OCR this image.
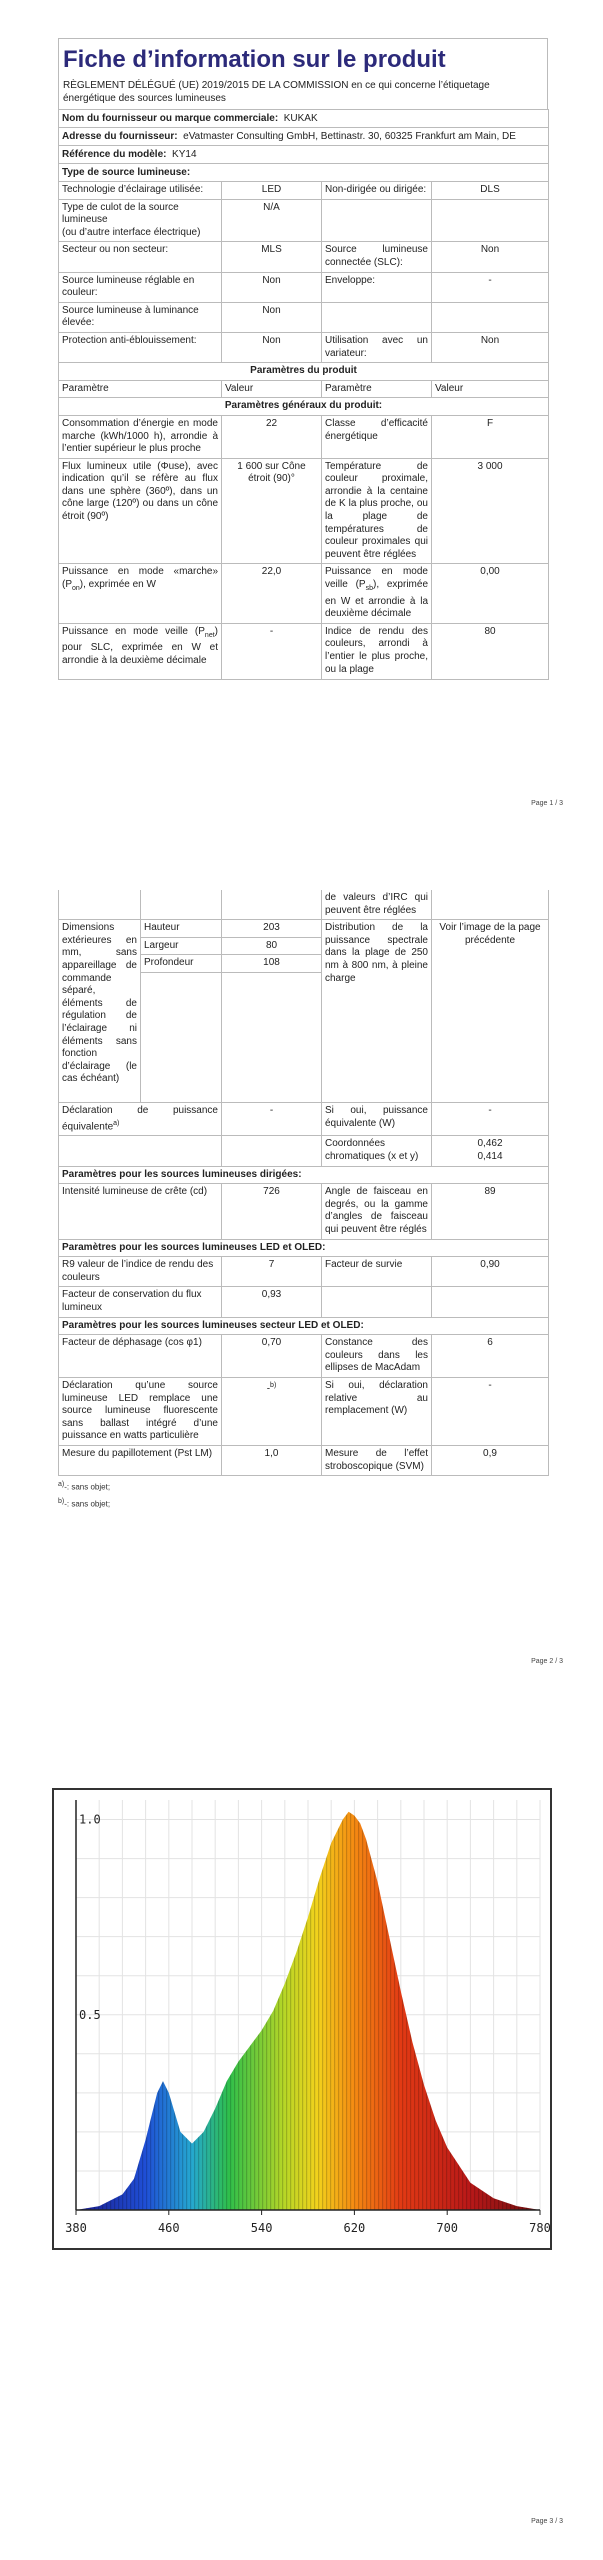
Fiche d’information sur le produit
RÈGLEMENT DÉLÉGUÉ (UE) 2019/2015 DE LA COMMISSION en ce qui concerne l’étiquetage énergétique des sources lumineuses
Nom du fournisseur ou marque commerciale: KUKAK			
Adresse du fournisseur: eVatmaster Consulting GmbH, Bettinastr. 30, 60325 Frankfurt am Main, DE			
Référence du modèle: KY14			
Type de source lumineuse:			
Technologie d’éclairage utilisée:	LED	Non-dirigée ou dirigée:	DLS
Type de culot de la source lumineuse
(ou d’autre interface électrique)	N/A		
Secteur ou non secteur:	MLS	Source lumineuse connectée (SLC):	Non
Source lumineuse réglable en couleur:	Non	Enveloppe:	-
Source lumineuse à luminance élevée:	Non		
Protection anti-éblouissement:	Non	Utilisation avec un variateur:	Non
Paramètres du produit			
Paramètre	Valeur	Paramètre	Valeur
Paramètres généraux du produit:			
Consommation d’énergie en mode marche (kWh/1000 h), arrondie à l’entier supérieur le plus proche	22	Classe d’efficacité énergétique	F
Flux lumineux utile (Φuse), avec indication qu’il se réfère au flux dans une sphère (360º), dans un cône large (120º) ou dans un cône étroit (90º)	1 600 sur Cône étroit (90)°	Température de couleur proximale, arrondie à la centaine de K la plus proche, ou la plage de températures de couleur proximales qui peuvent être réglées	3 000
Puissance en mode «marche» $(P_{on})$, exprimée en W	22,0	Puissance en mode veille $(P_{sb})$, exprimée en W et arrondie à la deuxième décimale	0,00
Puissance en mode veille $(P_{net})$ pour SLC, exprimée en W et arrondie à la deuxième décimale	-	Indice de rendu des couleurs, arrondi à l’entier le plus proche, ou la plage	80
Page 1 / 3
			de valeurs d’IRC qui peuvent être réglées	
Dimensions extérieures en mm, sans appareillage de commande séparé, éléments de régulation de l’éclairage ni éléments sans fonction d’éclairage (le cas échéant)	Hauteur	203	Distribution de la puissance spectrale dans la plage de 250 nm à 800 nm, à pleine charge	Voir l’image de la page précédente
	Largeur	80		
	Profondeur	108		

Déclaration de puissance équivalente$^{a)}$		-	Si oui, puissance équivalente (W)	-
			Coordonnées chromatiques (x et y)	0,462
0,414
Paramètres pour les sources lumineuses dirigées:				
Intensité lumineuse de crête (cd)		726	Angle de faisceau en degrés, ou la gamme d’angles de faisceau qui peuvent être réglés	89
Paramètres pour les sources lumineuses LED et OLED:				
R9 valeur de l’indice de rendu des couleurs		7	Facteur de survie	0,90
Facteur de conservation du flux lumineux		0,93		
Paramètres pour les sources lumineuses secteur LED et OLED:				
Facteur de déphasage (cos φ1)		0,70	Constance des couleurs dans les ellipses de MacAdam	6
Déclaration qu’une source lumineuse LED remplace une source lumineuse fluorescente sans ballast intégré d’une puissance en watts particulière		-$^{b)}$	Si oui, déclaration relative au remplacement (W)	-
Mesure du papillotement (Pst LM)		1,0	Mesure de l’effet stroboscopique (SVM)	0,9
$^{a)}$-: sans objet;
$^{b)}$-: sans objet;
Page 2 / 3
Page 3 / 3
380	460	540	620	700	780
1.0
0.5
